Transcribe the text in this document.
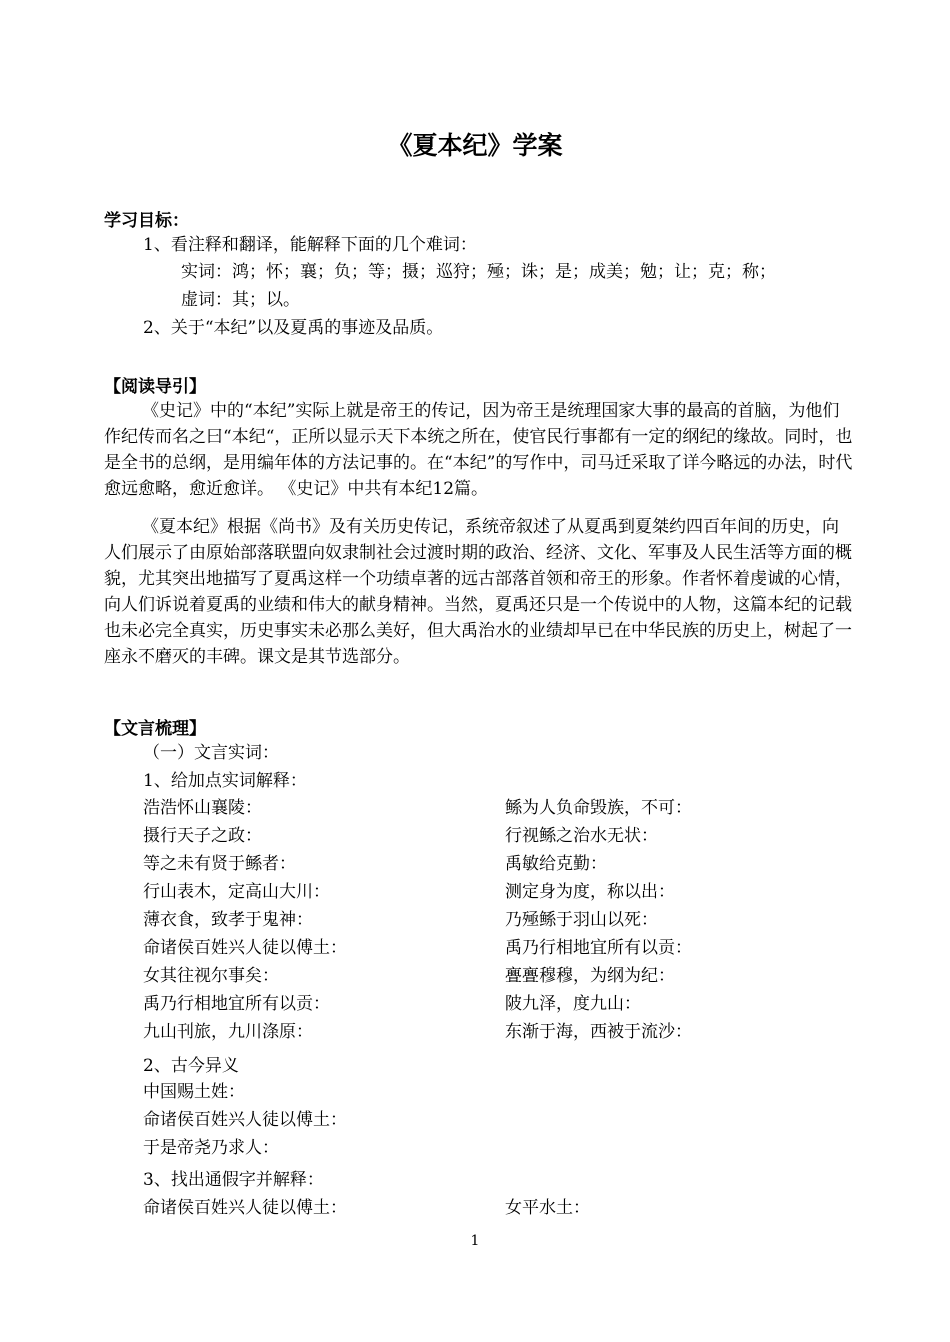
《夏本纪》学案
学习目标：
1、看注释和翻译，能解释下面的几个难词：
实词：鸿；怀；襄；负；等；摄；巡狩；殛；诛；是；成美；勉；让；克；称；
虚词：其；以。
2、关于“本纪”以及夏禹的事迹及品质。
【阅读导引】
《史记》中的“本纪”实际上就是帝王的传记，因为帝王是统理国家大事的最高的首脑，为他们作纪传而名之曰“本纪“，正所以显示天下本统之所在，使官民行事都有一定的纲纪的缘故。同时，也是全书的总纲，是用编年体的方法记事的。在“本纪”的写作中，司马迁采取了详今略远的办法，时代愈远愈略，愈近愈详。 《史记》中共有本纪12篇。
《夏本纪》根据《尚书》及有关历史传记，系统帝叙述了从夏禹到夏桀约四百年间的历史，向人们展示了由原始部落联盟向奴隶制社会过渡时期的政治、经济、文化、军事及人民生活等方面的概貌，尤其突出地描写了夏禹这样一个功绩卓著的远古部落首领和帝王的形象。作者怀着虔诚的心情，向人们诉说着夏禹的业绩和伟大的献身精神。当然，夏禹还只是一个传说中的人物，这篇本纪的记载也未必完全真实，历史事实未必那么美好，但大禹治水的业绩却早已在中华民族的历史上，树起了一座永不磨灭的丰碑。课文是其节选部分。
【文言梳理】
（一）文言实词：
1、给加点实词解释：
浩浩怀山襄陵：
摄行天子之政：
等之未有贤于鲧者：
行山表木，定高山大川：
薄衣食，致孝于鬼神：
命诸侯百姓兴人徒以傅土：
女其往视尔事矣：
禹乃行相地宜所有以贡：
九山刊旅，九川涤原：
鲧为人负命毁族，不可：
行视鲧之治水无状：
禹敏给克勤：
测定身为度，称以出：
乃殛鲧于羽山以死：
禹乃行相地宜所有以贡：
亹亹穆穆，为纲为纪：
陂九泽，度九山：
东渐于海，西被于流沙：
2、古今异义
中国赐土姓：
命诸侯百姓兴人徒以傅土：
于是帝尧乃求人：
3、找出通假字并解释：
命诸侯百姓兴人徒以傅土：	女平水土：
1
